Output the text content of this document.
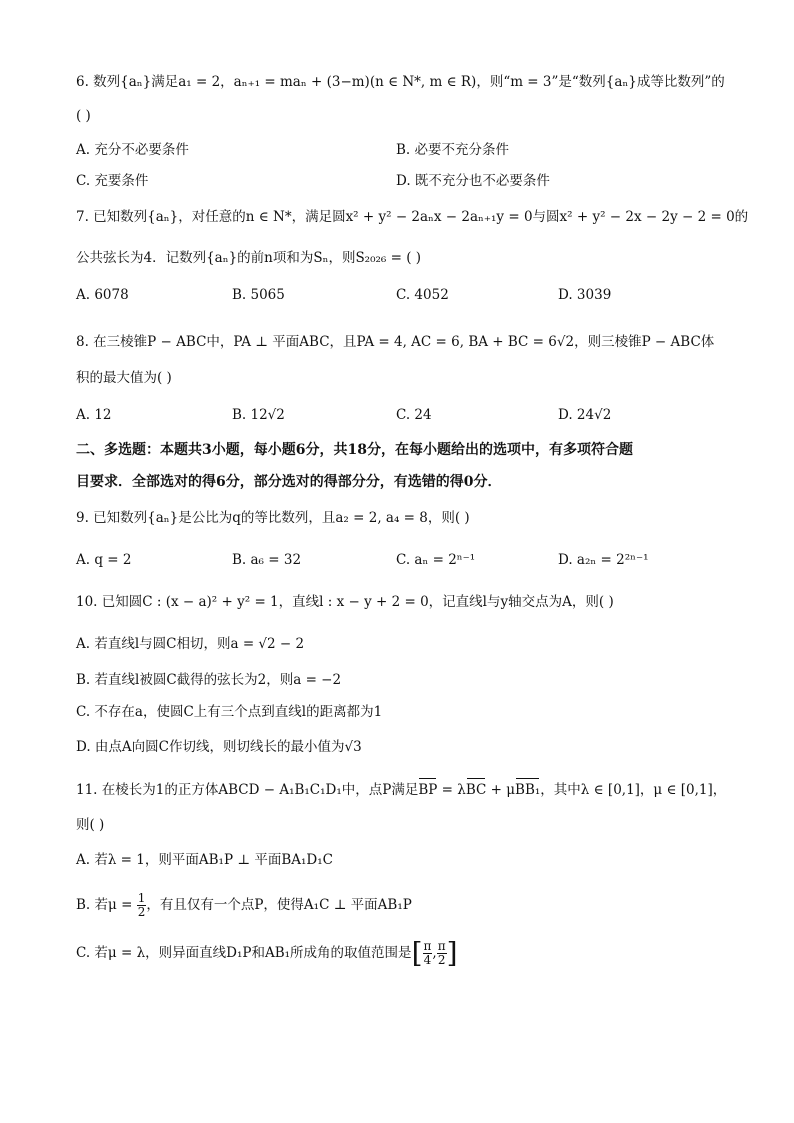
6. 数列{aₙ}满足a₁ = 2，aₙ₊₁ = maₙ + (3−m)(n ∈ N*, m ∈ R)，则“m = 3”是“数列{aₙ}成等比数列”的
( )
A. 充分不必要条件	B. 必要不充分条件
C. 充要条件	D. 既不充分也不必要条件
7. 已知数列{aₙ}，对任意的n ∈ N*，满足圆x² + y² − 2aₙx − 2aₙ₊₁y = 0与圆x² + y² − 2x − 2y − 2 = 0的
公共弦长为4．记数列{aₙ}的前n项和为Sₙ，则S₂₀₂₆ = ( )
A. 6078	B. 5065	C. 4052	D. 3039
8. 在三棱锥P − ABC中，PA ⊥ 平面ABC，且PA = 4, AC = 6, BA + BC = 6√2，则三棱锥P − ABC体
积的最大值为( )
A. 12	B. 12√2	C. 24	D. 24√2
二、多选题：本题共3小题，每小题6分，共18分，在每小题给出的选项中，有多项符合题
目要求．全部选对的得6分，部分选对的得部分分，有选错的得0分．
9. 已知数列{aₙ}是公比为q的等比数列，且a₂ = 2, a₄ = 8，则( )
A. q = 2	B. a₆ = 32	C. aₙ = 2ⁿ⁻¹	D. a₂ₙ = 2²ⁿ⁻¹
10. 已知圆C : (x − a)² + y² = 1，直线l : x − y + 2 = 0，记直线l与y轴交点为A，则( )
A. 若直线l与圆C相切，则a = √2 − 2
B. 若直线l被圆C截得的弦长为2，则a = −2
C. 不存在a，使圆C上有三个点到直线l的距离都为1
D. 由点A向圆C作切线，则切线长的最小值为√3
11. 在棱长为1的正方体ABCD − A₁B₁C₁D₁中，点P满足BP = λBC + μBB₁，其中λ ∈ [0,1]，μ ∈ [0,1]，
则( )
A. 若λ = 1，则平面AB₁P ⊥ 平面BA₁D₁C
B. 若$\mu = \frac{1}{2}$ ，有且仅有一个点P，使得A₁C ⊥ 平面AB₁P
C. 若μ = λ，则异面直线D₁P和AB₁所成角的取值范围是[ $\frac{\pi}{4}$ , $\frac{\pi}{2}$ ]
